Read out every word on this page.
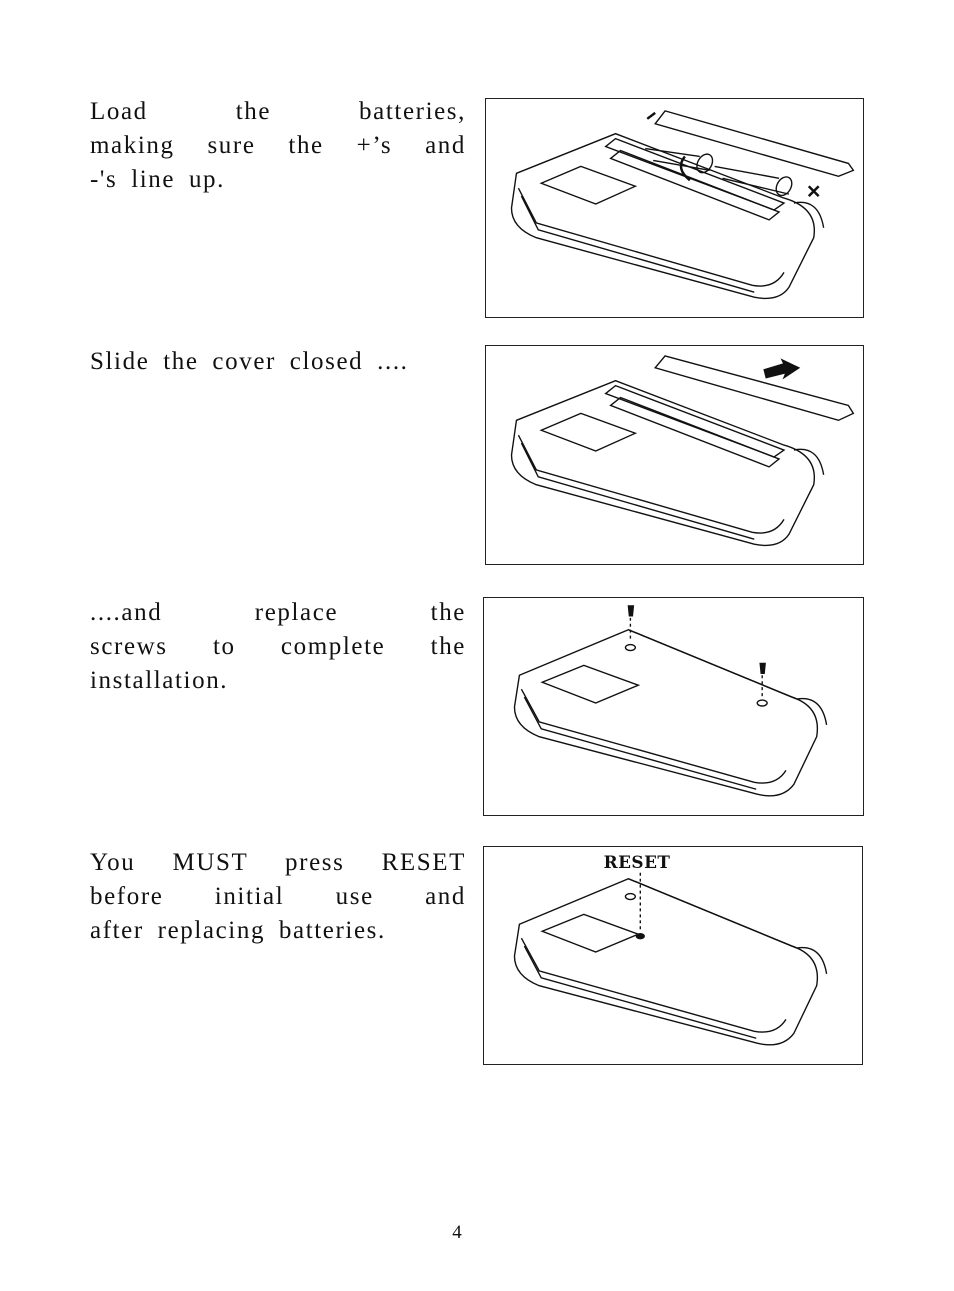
Load the batteries,
making sure the +’s and
-'s line up.

Slide the cover closed ....

....and replace the
screws to complete the
installation.

You MUST press RESET
before initial use and
after replacing batteries.

RESET
4
